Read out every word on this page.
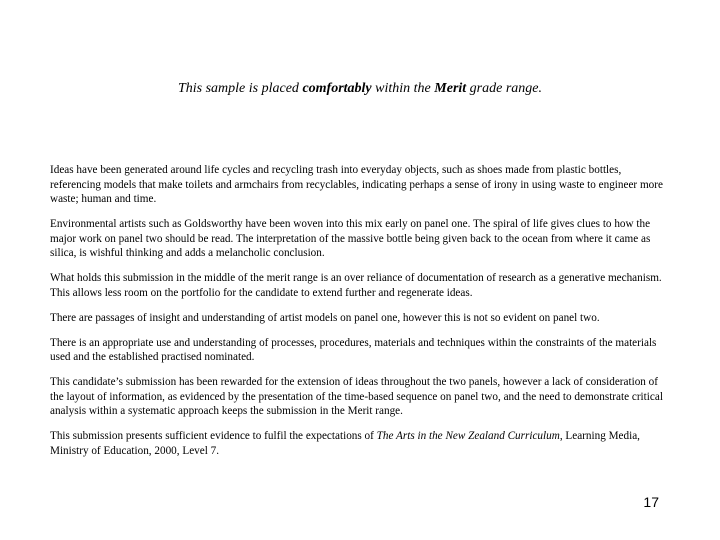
This sample is placed comfortably within the Merit grade range.

Ideas have been generated around life cycles and recycling trash into everyday objects, such as shoes made from plastic bottles, referencing models that make toilets and armchairs from recyclables, indicating perhaps a sense of irony in using waste to engineer more waste; human and time.

Environmental artists such as Goldsworthy have been woven into this mix early on panel one. The spiral of life gives clues to how the major work on panel two should be read. The interpretation of the massive bottle being given back to the ocean from where it came as silica, is wishful thinking and adds a melancholic conclusion.

What holds this submission in the middle of the merit range is an over reliance of documentation of research as a generative mechanism. This allows less room on the portfolio for the candidate to extend further and regenerate ideas.

There are passages of insight and understanding of artist models on panel one, however this is not so evident on panel two.

There is an appropriate use and understanding of processes, procedures, materials and techniques within the constraints of the materials used and the established practised nominated.

This candidate’s submission has been rewarded for the extension of ideas throughout the two panels, however a lack of consideration of the layout of information, as evidenced by the presentation of the time-based sequence on panel two, and the need to demonstrate critical analysis within a systematic approach keeps the submission in the Merit range.

This submission presents sufficient evidence to fulfil the expectations of The Arts in the New Zealand Curriculum, Learning Media, Ministry of Education, 2000, Level 7.

17
